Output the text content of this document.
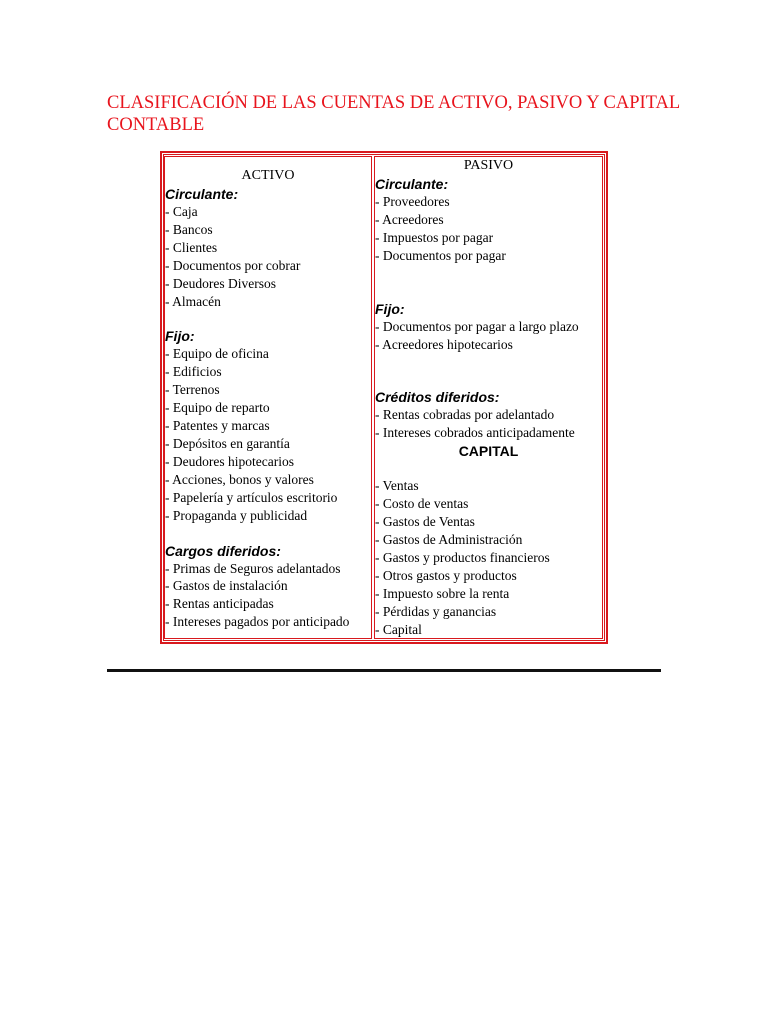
CLASIFICACIÓN DE LAS CUENTAS DE ACTIVO, PASIVO Y CAPITAL
CONTABLE
ACTIVO
Circulante:
- Caja
- Bancos
- Clientes
- Documentos por cobrar
- Deudores Diversos
- Almacén
Fijo:
- Equipo de oficina
- Edificios
- Terrenos
- Equipo de reparto
- Patentes y marcas
- Depósitos en garantía
- Deudores hipotecarios
- Acciones, bonos y valores
- Papelería y artículos escritorio
- Propaganda y publicidad
Cargos diferidos:
- Primas de Seguros adelantados
- Gastos de instalación
- Rentas anticipadas
- Intereses pagados por anticipado
PASIVO
Circulante:
- Proveedores
- Acreedores
- Impuestos por pagar
- Documentos por pagar
Fijo:
- Documentos por pagar a largo plazo
- Acreedores hipotecarios
Créditos diferidos:
- Rentas cobradas por adelantado
- Intereses cobrados anticipadamente
CAPITAL
- Ventas
- Costo de ventas
- Gastos de Ventas
- Gastos de Administración
- Gastos y productos financieros
- Otros gastos y productos
- Impuesto sobre la renta
- Pérdidas y ganancias
- Capital
